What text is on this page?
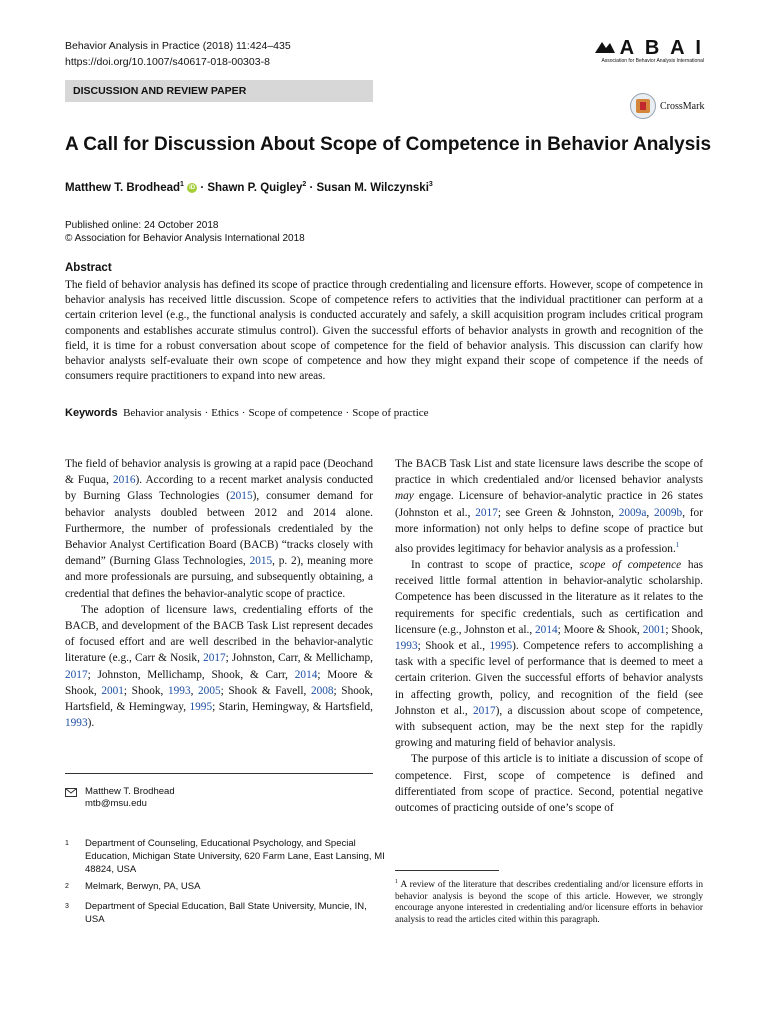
Behavior Analysis in Practice (2018) 11:424–435
https://doi.org/10.1007/s40617-018-00303-8
A B A I
Association for Behavior Analysis International
DISCUSSION AND REVIEW PAPER
CrossMark
A Call for Discussion About Scope of Competence in Behavior Analysis
Matthew T. Brodhead$^1$ iD · Shawn P. Quigley$^2$ · Susan M. Wilczynski$^3$
Published online: 24 October 2018
© Association for Behavior Analysis International 2018
Abstract
The field of behavior analysis has defined its scope of practice through credentialing and licensure efforts. However, scope of competence in behavior analysis has received little discussion. Scope of competence refers to activities that the individual practitioner can perform at a certain criterion level (e.g., the functional analysis is conducted accurately and safely, a skill acquisition program includes critical program components and establishes accurate stimulus control). Given the successful efforts of behavior analysts in growth and recognition of the field, it is time for a robust conversation about scope of competence for the field of behavior analysis. This discussion can clarify how behavior analysts self-evaluate their own scope of competence and how they might expand their scope of competence if the needs of consumers require practitioners to expand into new areas.
Keywords Behavior analysis · Ethics · Scope of competence · Scope of practice

The field of behavior analysis is growing at a rapid pace (Deochand & Fuqua, 2016). According to a recent market analysis conducted by Burning Glass Technologies (2015), consumer demand for behavior analysts doubled between 2012 and 2014 alone. Furthermore, the number of professionals credentialed by the Behavior Analyst Certification Board (BACB) “tracks closely with demand” (Burning Glass Technologies, 2015, p. 2), meaning more and more professionals are pursuing, and subsequently obtaining, a credential that defines the behavior-analytic scope of practice.

The adoption of licensure laws, credentialing efforts of the BACB, and development of the BACB Task List represent decades of focused effort and are well described in the behavior-analytic literature (e.g., Carr & Nosik, 2017; Johnston, Carr, & Mellichamp, 2017; Johnston, Mellichamp, Shook, & Carr, 2014; Moore & Shook, 2001; Shook, 1993, 2005; Shook & Favell, 2008; Shook, Hartsfield, & Hemingway, 1995; Starin, Hemingway, & Hartsfield, 1993).

Matthew T. Brodhead
mtb@msu.edu
1	Department of Counseling, Educational Psychology, and Special Education, Michigan State University, 620 Farm Lane, East Lansing, MI 48824, USA
2	Melmark, Berwyn, PA, USA
3	Department of Special Education, Ball State University, Muncie, IN, USA

The BACB Task List and state licensure laws describe the scope of practice in which credentialed and/or licensed behavior analysts may engage. Licensure of behavior-analytic practice in 26 states (Johnston et al., 2017; see Green & Johnston, 2009a, 2009b, for more information) not only helps to define scope of practice but also provides legitimacy for behavior analysis as a profession.$^1$

In contrast to scope of practice, scope of competence has received little formal attention in behavior-analytic scholarship. Competence has been discussed in the literature as it relates to the requirements for specific credentials, such as certification and licensure (e.g., Johnston et al., 2014; Moore & Shook, 2001; Shook, 1993; Shook et al., 1995). Competence refers to accomplishing a task with a specific level of performance that is deemed to meet a certain criterion. Given the successful efforts of behavior analysts in affecting growth, policy, and recognition of the field (see Johnston et al., 2017), a discussion about scope of competence, with subsequent action, may be the next step for the rapidly growing and maturing field of behavior analysis.

The purpose of this article is to initiate a discussion of scope of competence. First, scope of competence is defined and differentiated from scope of practice. Second, potential negative outcomes of practicing outside of one’s scope of

$^1$ A review of the literature that describes credentialing and/or licensure efforts in behavior analysis is beyond the scope of this article. However, we strongly encourage anyone interested in credentialing and/or licensure efforts in behavior analysis to read the articles cited within this paragraph.
